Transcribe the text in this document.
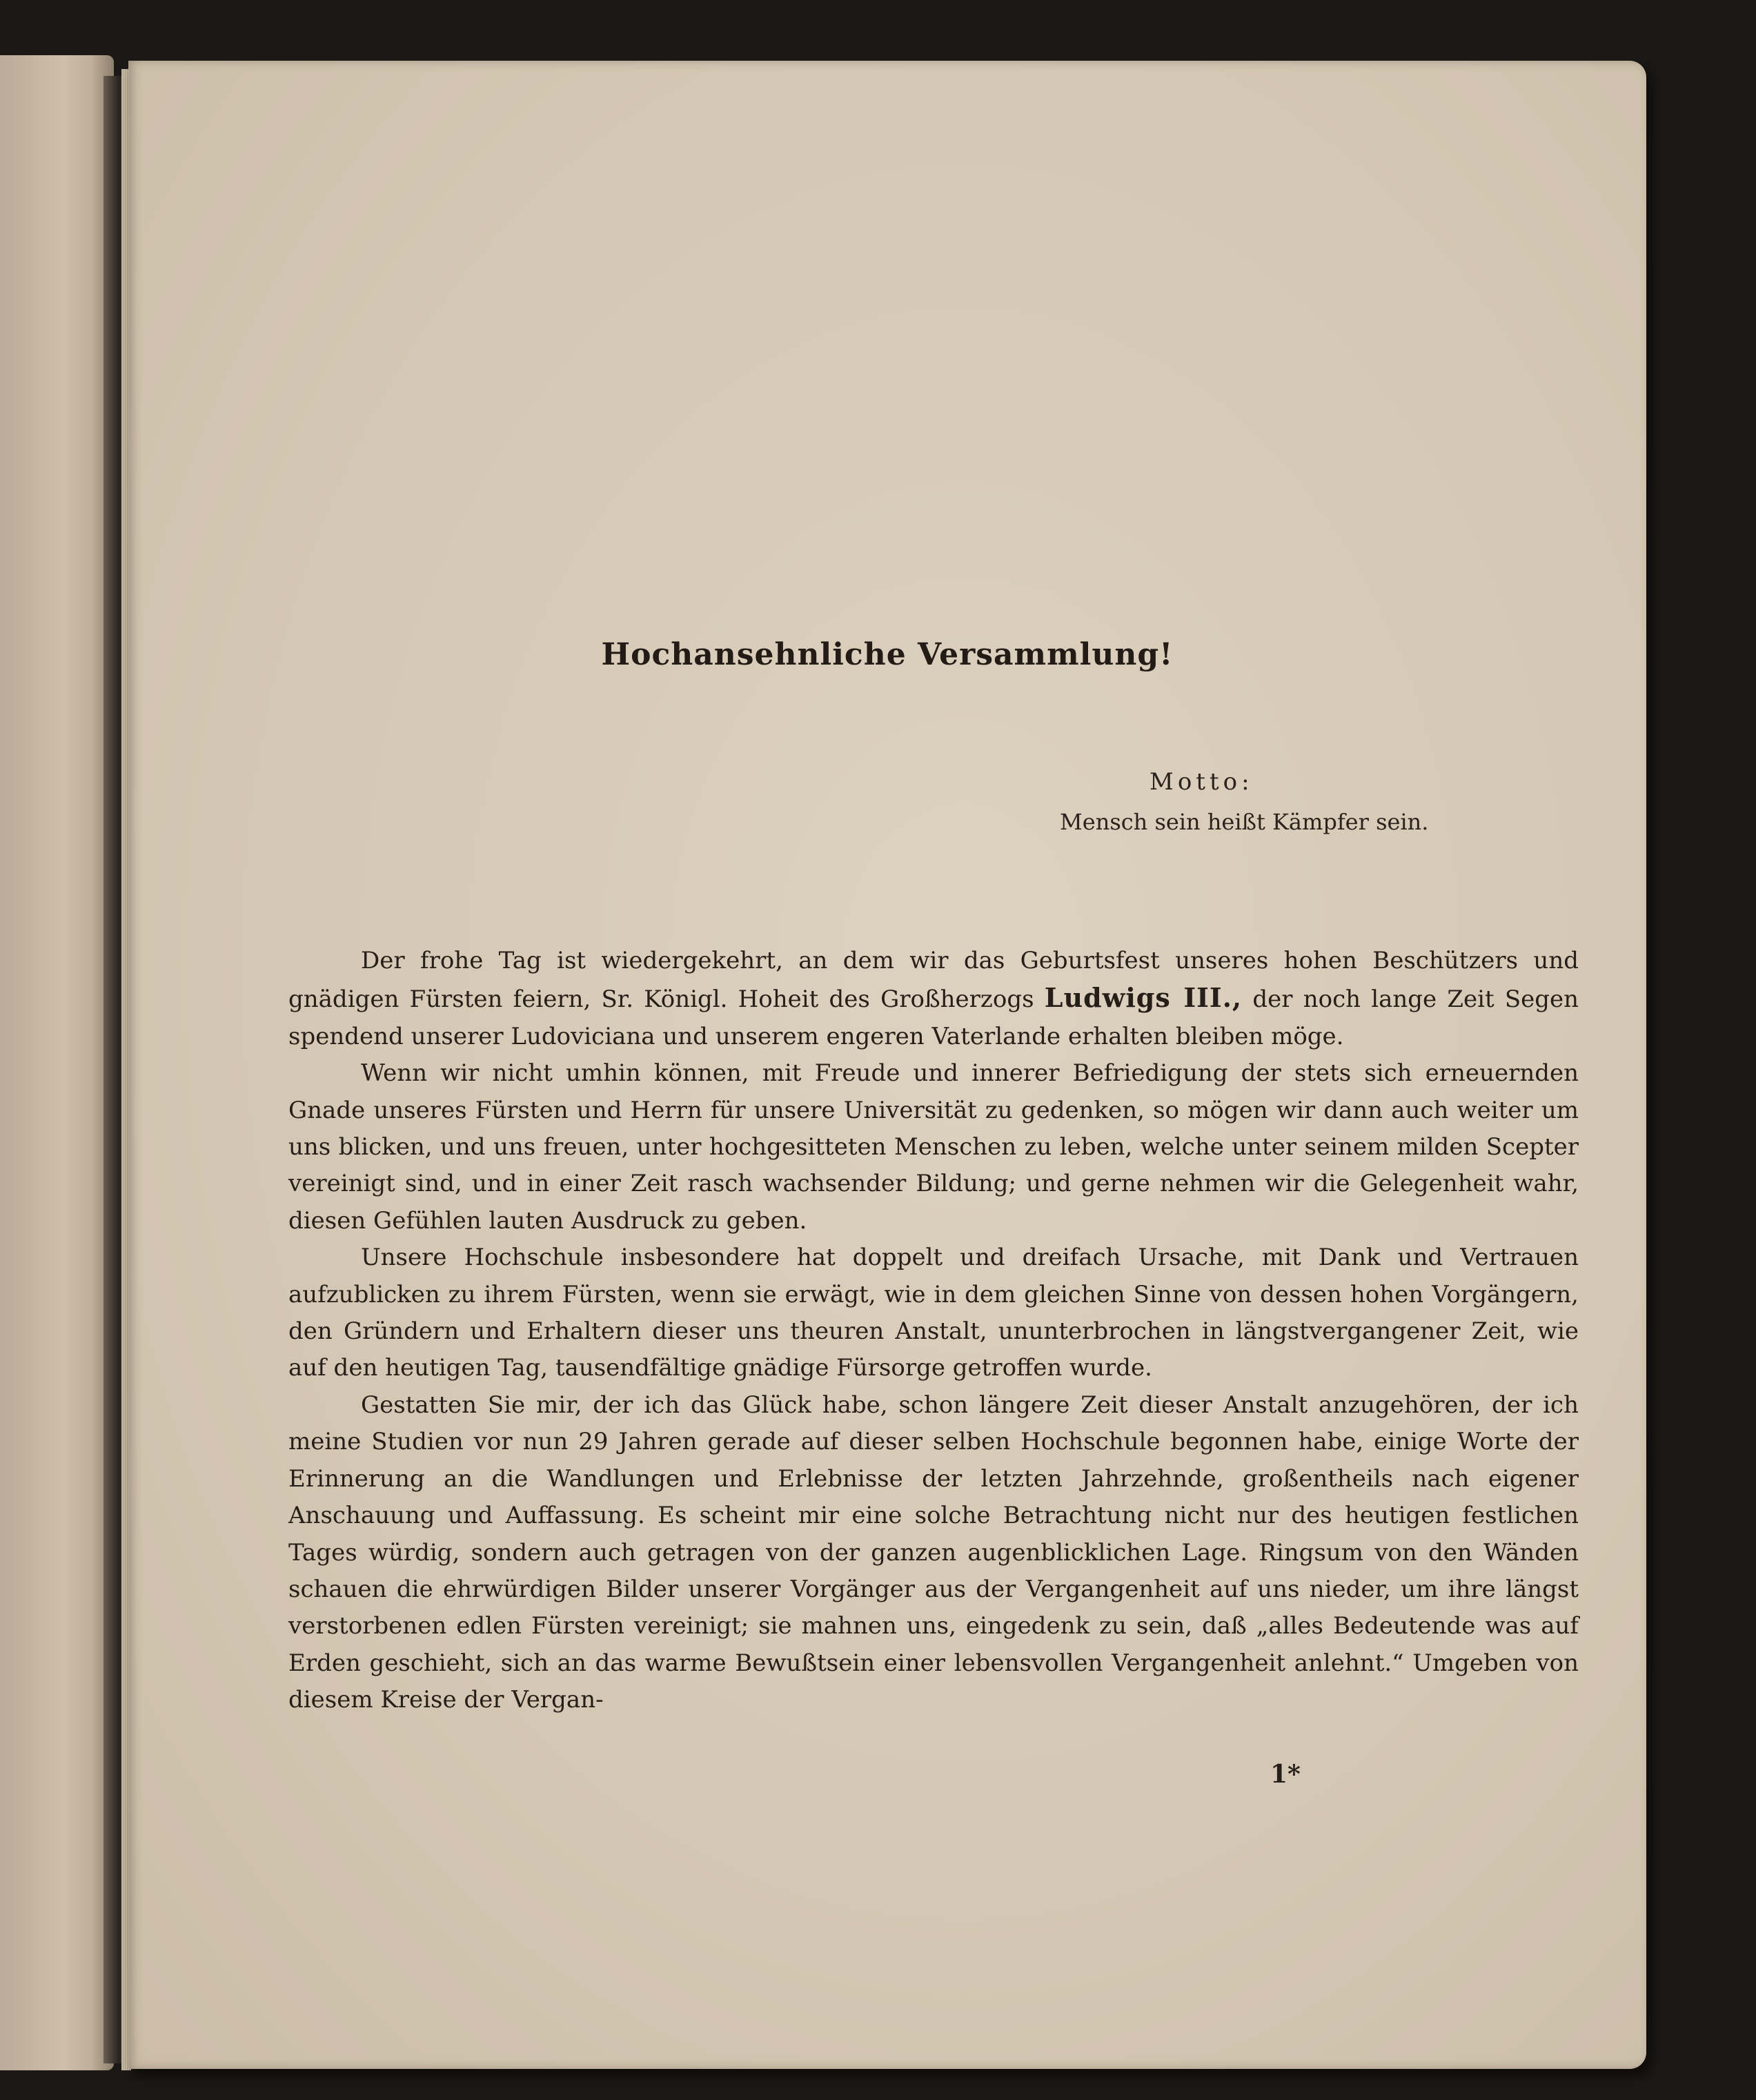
Hochansehnliche Versammlung!
Motto:
Mensch sein heißt Kämpfer sein.

Der frohe Tag ist wiedergekehrt, an dem wir das Geburtsfest unseres hohen Beschützers und gnädigen Fürsten feiern, Sr. Königl. Hoheit des Großherzogs Ludwigs III., der noch lange Zeit Segen spendend unserer Ludoviciana und unserem engeren Vaterlande erhalten bleiben möge.

Wenn wir nicht umhin können, mit Freude und innerer Befriedigung der stets sich erneuernden Gnade unseres Fürsten und Herrn für unsere Universität zu gedenken, so mögen wir dann auch weiter um uns blicken, und uns freuen, unter hochgesitteten Menschen zu leben, welche unter seinem milden Scepter vereinigt sind, und in einer Zeit rasch wachsender Bildung; und gerne nehmen wir die Gelegenheit wahr, diesen Gefühlen lauten Ausdruck zu geben.

Unsere Hochschule insbesondere hat doppelt und dreifach Ursache, mit Dank und Vertrauen aufzublicken zu ihrem Fürsten, wenn sie erwägt, wie in dem gleichen Sinne von dessen hohen Vorgängern, den Gründern und Erhaltern dieser uns theuren Anstalt, ununterbrochen in längstvergangener Zeit, wie auf den heutigen Tag, tausendfältige gnädige Fürsorge getroffen wurde.

Gestatten Sie mir, der ich das Glück habe, schon längere Zeit dieser Anstalt anzugehören, der ich meine Studien vor nun 29 Jahren gerade auf dieser selben Hochschule begonnen habe, einige Worte der Erinnerung an die Wandlungen und Erlebnisse der letzten Jahrzehnde, großentheils nach eigener Anschauung und Auffassung. Es scheint mir eine solche Betrachtung nicht nur des heutigen festlichen Tages würdig, sondern auch getragen von der ganzen augenblicklichen Lage. Ringsum von den Wänden schauen die ehrwürdigen Bilder unserer Vorgänger aus der Vergangenheit auf uns nieder, um ihre längst verstorbenen edlen Fürsten vereinigt; sie mahnen uns, eingedenk zu sein, daß „alles Bedeutende was auf Erden geschieht, sich an das warme Bewußtsein einer lebensvollen Vergangenheit anlehnt.“ Umgeben von diesem Kreise der Vergan-

1*
